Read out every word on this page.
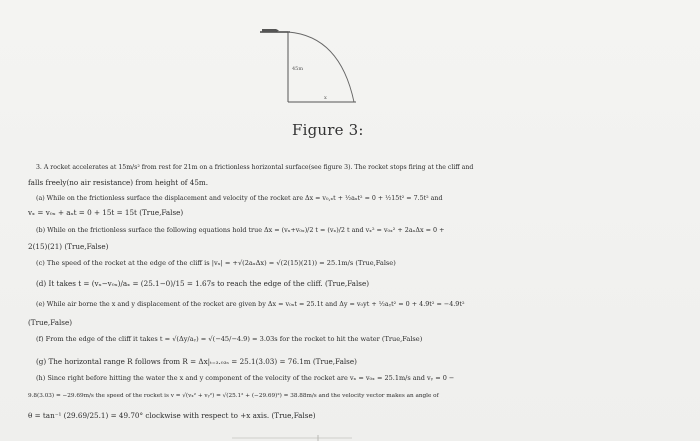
45m
x
Figure 3:
3. A rocket accelerates at 15m/s² from rest for 21m on a frictionless horizontal surface(see figure 3). The rocket stops firing at the cliff and
falls freely(no air resistance) from height of 45m.
(a) While on the frictionless surface the displacement and velocity of the rocket are Δx = v₀,ₓt + ½aₓt² = 0 + ½15t² = 7.5t² and
vₓ = v₀ₓ + aₓt = 0 + 15t = 15t (True,False)
(b) While on the frictionless surface the following equations hold true Δx = (vₓ+v₀ₓ)/2 t = (vₓ)/2 t and vₓ² = v₀ₓ² + 2aₓΔx = 0 +
2(15)(21) (True,False)
(c) The speed of the rocket at the edge of the cliff is |vₓ| = +√(2aₓΔx) = √(2(15)(21)) = 25.1m/s (True,False)
(d) It takes t = (vₓ−v₀ₓ)/aₓ = (25.1−0)/15 = 1.67s to reach the edge of the cliff. (True,False)
(e) While air borne the x and y displacement of the rocket are given by Δx = v₀ₓt = 25.1t and Δy = v₀yt + ½aᵧt² = 0 + 4.9t² = −4.9t²
(True,False)
(f) From the edge of the cliff it takes t = √(Δy/aᵧ) = √(−45/−4.9) = 3.03s for the rocket to hit the water (True,False)
(g) The horizontal range R follows from R = Δx|ₜ₌₃.₀₃ₛ = 25.1(3.03) = 76.1m (True,False)
(h) Since right before hitting the water the x and y component of the velocity of the rocket are vₓ = v₀ₓ = 25.1m/s and vᵧ = 0 −
9.8(3.03) = −29.69m/s the speed of the rocket is v = √(vₓ² + vᵧ²) = √(25.1² + (−29.69)²) = 38.88m/s and the velocity vector makes an angle of
θ = tan⁻¹ (29.69/25.1) = 49.70° clockwise with respect to +x axis. (True,False)
